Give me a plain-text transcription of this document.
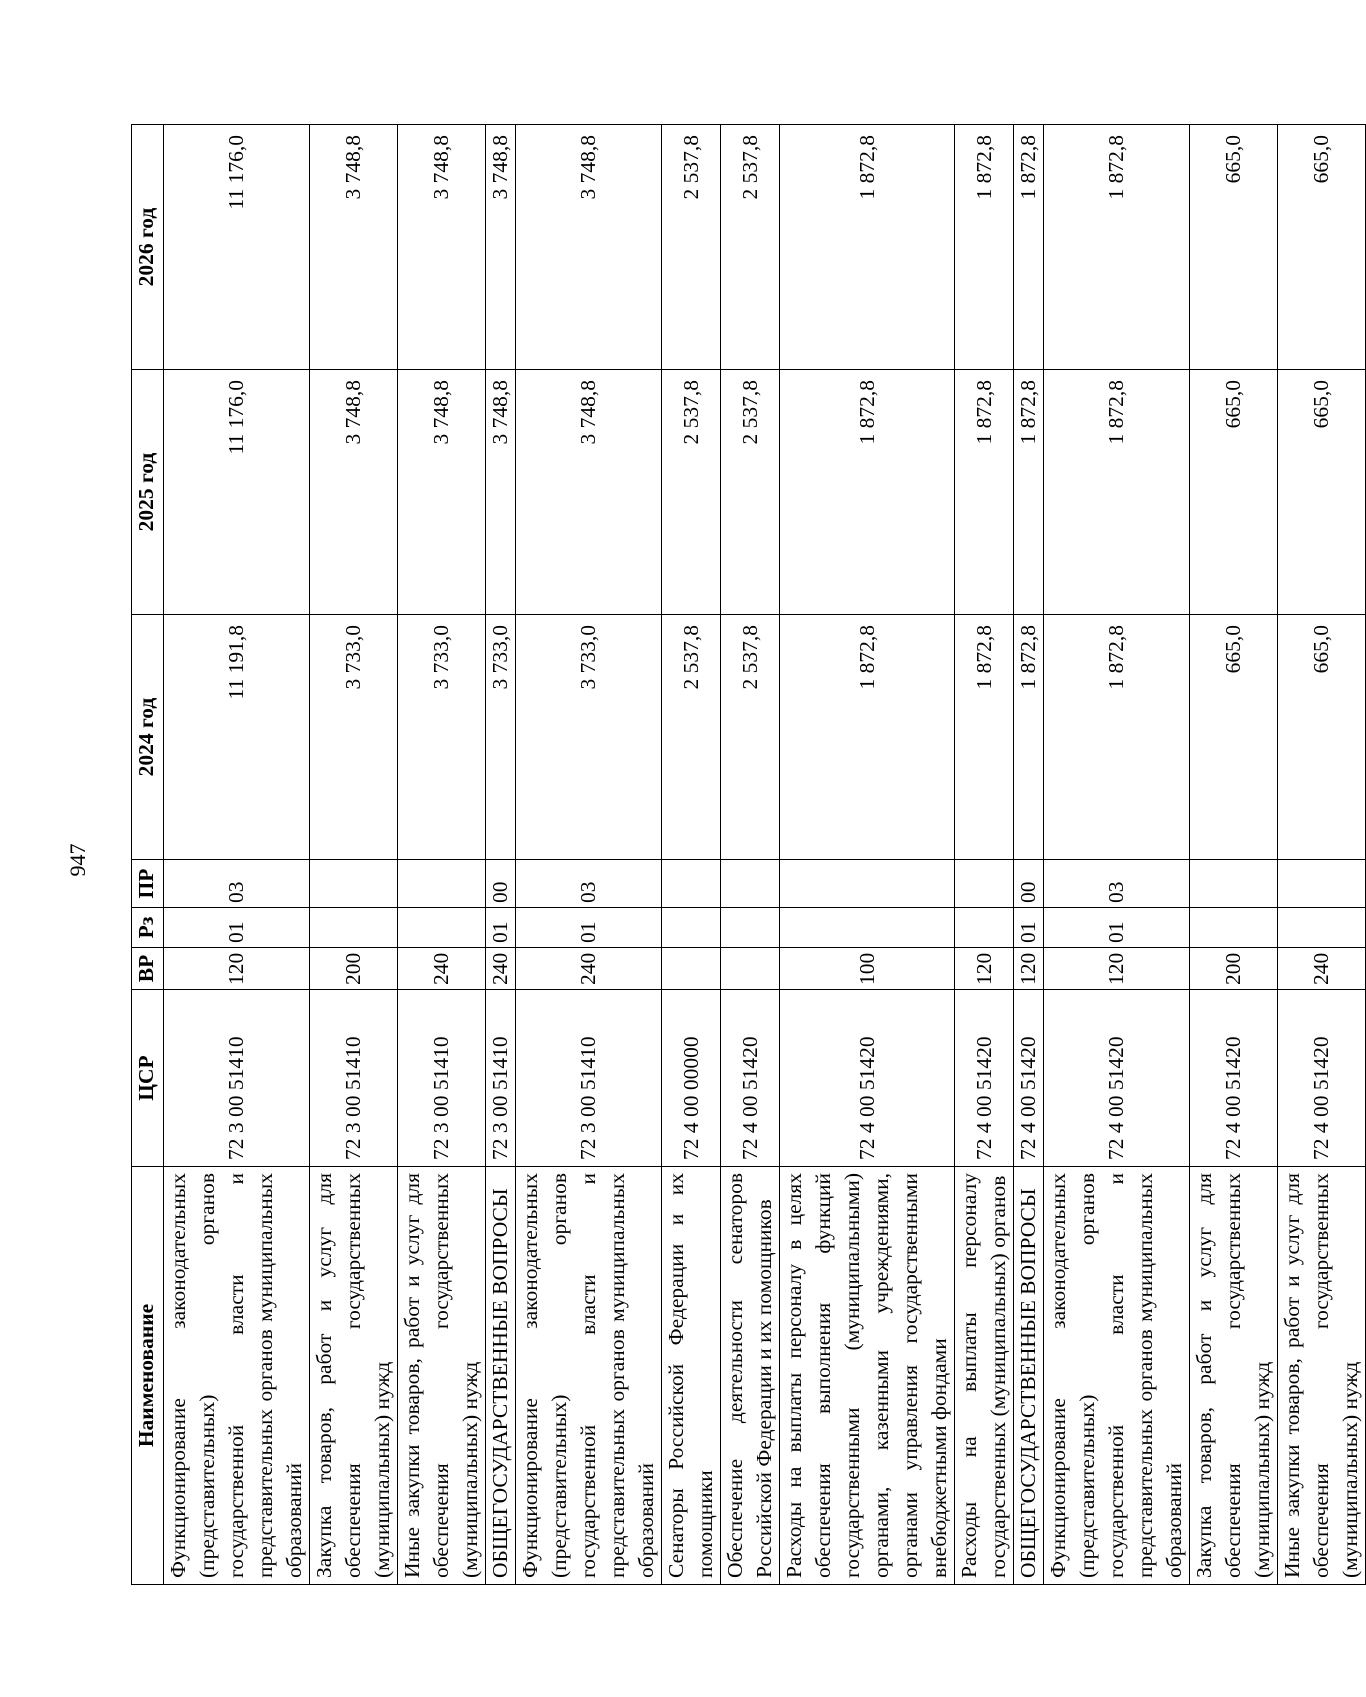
947
Наименование	ЦСР	ВР	Рз	ПР	2024 год	2025 год	2026 год
Функционирование законодательных (представительных) органов государственной власти и представительных органов муниципальных образований	72 3 00 51410	120	01	03	11 191,8	11 176,0	11 176,0
Закупка товаров, работ и услуг для обеспечения государственных (муниципальных) нужд	72 3 00 51410	200			3 733,0	3 748,8	3 748,8
Иные закупки товаров, работ и услуг для обеспечения государственных (муниципальных) нужд	72 3 00 51410	240			3 733,0	3 748,8	3 748,8
ОБЩЕГОСУДАРСТВЕННЫЕ ВОПРОСЫ	72 3 00 51410	240	01	00	3 733,0	3 748,8	3 748,8
Функционирование законодательных (представительных) органов государственной власти и представительных органов муниципальных образований	72 3 00 51410	240	01	03	3 733,0	3 748,8	3 748,8
Сенаторы Российской Федерации и их помощники	72 4 00 00000				2 537,8	2 537,8	2 537,8
Обеспечение деятельности сенаторов Российской Федерации и их помощников	72 4 00 51420				2 537,8	2 537,8	2 537,8
Расходы на выплаты персоналу в целях обеспечения выполнения функций государственными (муниципальными) органами, казенными учреждениями, органами управления государственными внебюджетными фондами	72 4 00 51420	100			1 872,8	1 872,8	1 872,8
Расходы на выплаты персоналу государственных (муниципальных) органов	72 4 00 51420	120			1 872,8	1 872,8	1 872,8
ОБЩЕГОСУДАРСТВЕННЫЕ ВОПРОСЫ	72 4 00 51420	120	01	00	1 872,8	1 872,8	1 872,8
Функционирование законодательных (представительных) органов государственной власти и представительных органов муниципальных образований	72 4 00 51420	120	01	03	1 872,8	1 872,8	1 872,8
Закупка товаров, работ и услуг для обеспечения государственных (муниципальных) нужд	72 4 00 51420	200			665,0	665,0	665,0
Иные закупки товаров, работ и услуг для обеспечения государственных (муниципальных) нужд	72 4 00 51420	240			665,0	665,0	665,0
